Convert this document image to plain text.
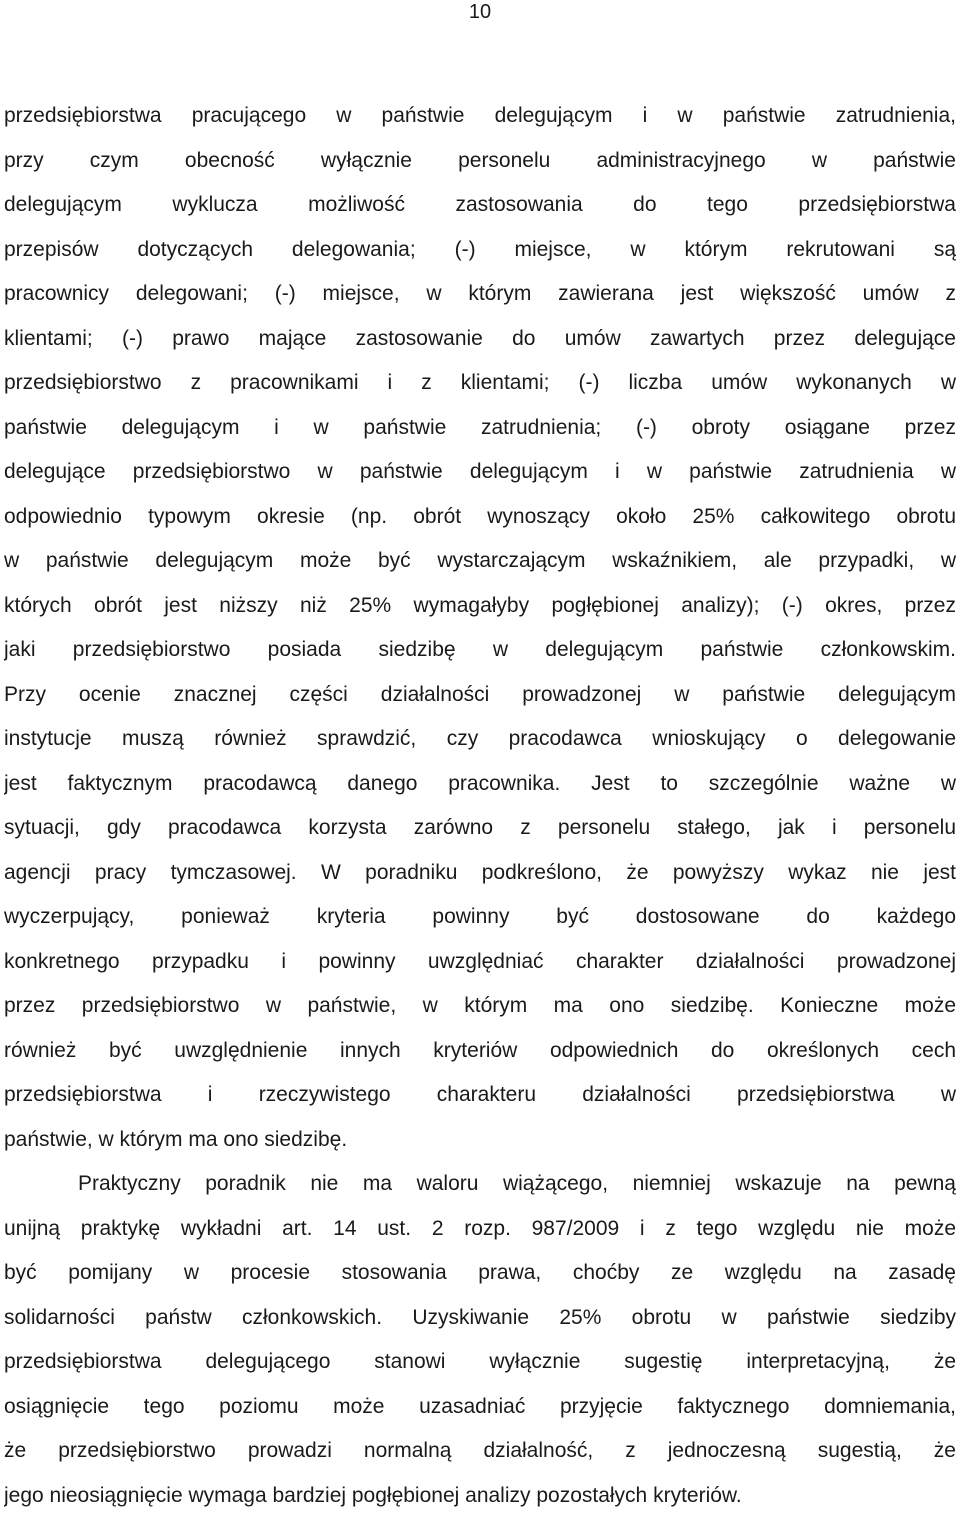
10
przedsiębiorstwa pracującego w państwie delegującym i w państwie zatrudnienia,
przy czym obecność wyłącznie personelu administracyjnego w państwie
delegującym wyklucza możliwość zastosowania do tego przedsiębiorstwa
przepisów dotyczących delegowania; (-) miejsce, w którym rekrutowani są
pracownicy delegowani; (-) miejsce, w którym zawierana jest większość umów z
klientami; (-) prawo mające zastosowanie do umów zawartych przez delegujące
przedsiębiorstwo z pracownikami i z klientami; (-) liczba umów wykonanych w
państwie delegującym i w państwie zatrudnienia; (-) obroty osiągane przez
delegujące przedsiębiorstwo w państwie delegującym i w państwie zatrudnienia w
odpowiednio typowym okresie (np. obrót wynoszący około 25% całkowitego obrotu
w państwie delegującym może być wystarczającym wskaźnikiem, ale przypadki, w
których obrót jest niższy niż 25% wymagałyby pogłębionej analizy); (-) okres, przez
jaki przedsiębiorstwo posiada siedzibę w delegującym państwie członkowskim.
Przy ocenie znacznej części działalności prowadzonej w państwie delegującym
instytucje muszą również sprawdzić, czy pracodawca wnioskujący o delegowanie
jest faktycznym pracodawcą danego pracownika. Jest to szczególnie ważne w
sytuacji, gdy pracodawca korzysta zarówno z personelu stałego, jak i personelu
agencji pracy tymczasowej. W poradniku podkreślono, że powyższy wykaz nie jest
wyczerpujący, ponieważ kryteria powinny być dostosowane do każdego
konkretnego przypadku i powinny uwzględniać charakter działalności prowadzonej
przez przedsiębiorstwo w państwie, w którym ma ono siedzibę. Konieczne może
również być uwzględnienie innych kryteriów odpowiednich do określonych cech
przedsiębiorstwa i rzeczywistego charakteru działalności przedsiębiorstwa w
państwie, w którym ma ono siedzibę.
Praktyczny poradnik nie ma waloru wiążącego, niemniej wskazuje na pewną
unijną praktykę wykładni art. 14 ust. 2 rozp. 987/2009 i z tego względu nie może
być pomijany w procesie stosowania prawa, choćby ze względu na zasadę
solidarności państw członkowskich. Uzyskiwanie 25% obrotu w państwie siedziby
przedsiębiorstwa delegującego stanowi wyłącznie sugestię interpretacyjną, że
osiągnięcie tego poziomu może uzasadniać przyjęcie faktycznego domniemania,
że przedsiębiorstwo prowadzi normalną działalność, z jednoczesną sugestią, że
jego nieosiągnięcie wymaga bardziej pogłębionej analizy pozostałych kryteriów.
